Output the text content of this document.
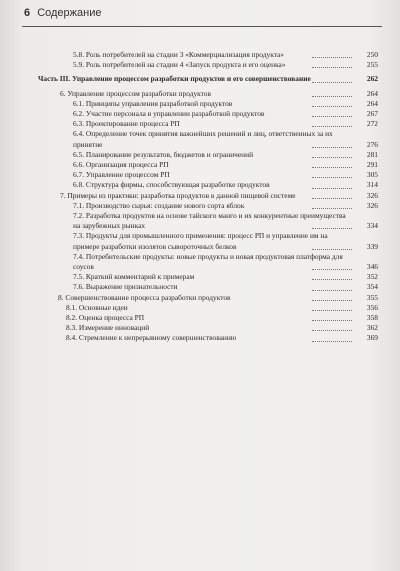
6 Содержание
5.8. Роль потребителей на стадии 3 «Коммерциализация продукта»	250
5.9. Роль потребителей на стадии 4 «Запуск продукта и его оценка»	255
Часть III. Управление процессом разработки продуктов и его совершенствование	262
6. Управление процессом разработки продуктов	264
6.1. Принципы управления разработкой продуктов	264
6.2. Участие персонала в управлении разработкой продуктов	267
6.3. Проектирование процесса РП	272
6.4. Определение точек принятия важнейших решений и лиц, ответственных за их принятие	276
6.5. Планирование результатов, бюджетов и ограничений	281
6.6. Организация процесса РП	291
6.7. Управление процессом РП	305
6.8. Структура фирмы, способствующая разработке продуктов	314
7. Примеры из практики: разработка продуктов в данной пищевой системе	326
7.1. Производство сырья: создание нового сорта яблок	326
7.2. Разработка продуктов на основе тайского манго и их конкурентные преимущества на зарубежных рынках	334
7.3. Продукты для промышленного применения: процесс РП и управление им на примере разработки изолятов сывороточных белков	339
7.4. Потребительские продукты: новые продукты и новая продуктовая платформа для соусов	346
7.5. Краткий комментарий к примерам	352
7.6. Выражение признательности	354
8. Совершенствование процесса разработки продуктов	355
8.1. Основные идеи	356
8.2. Оценка процесса РП	358
8.3. Измерение инноваций	362
8.4. Стремление к непрерывному совершенствованию	369
